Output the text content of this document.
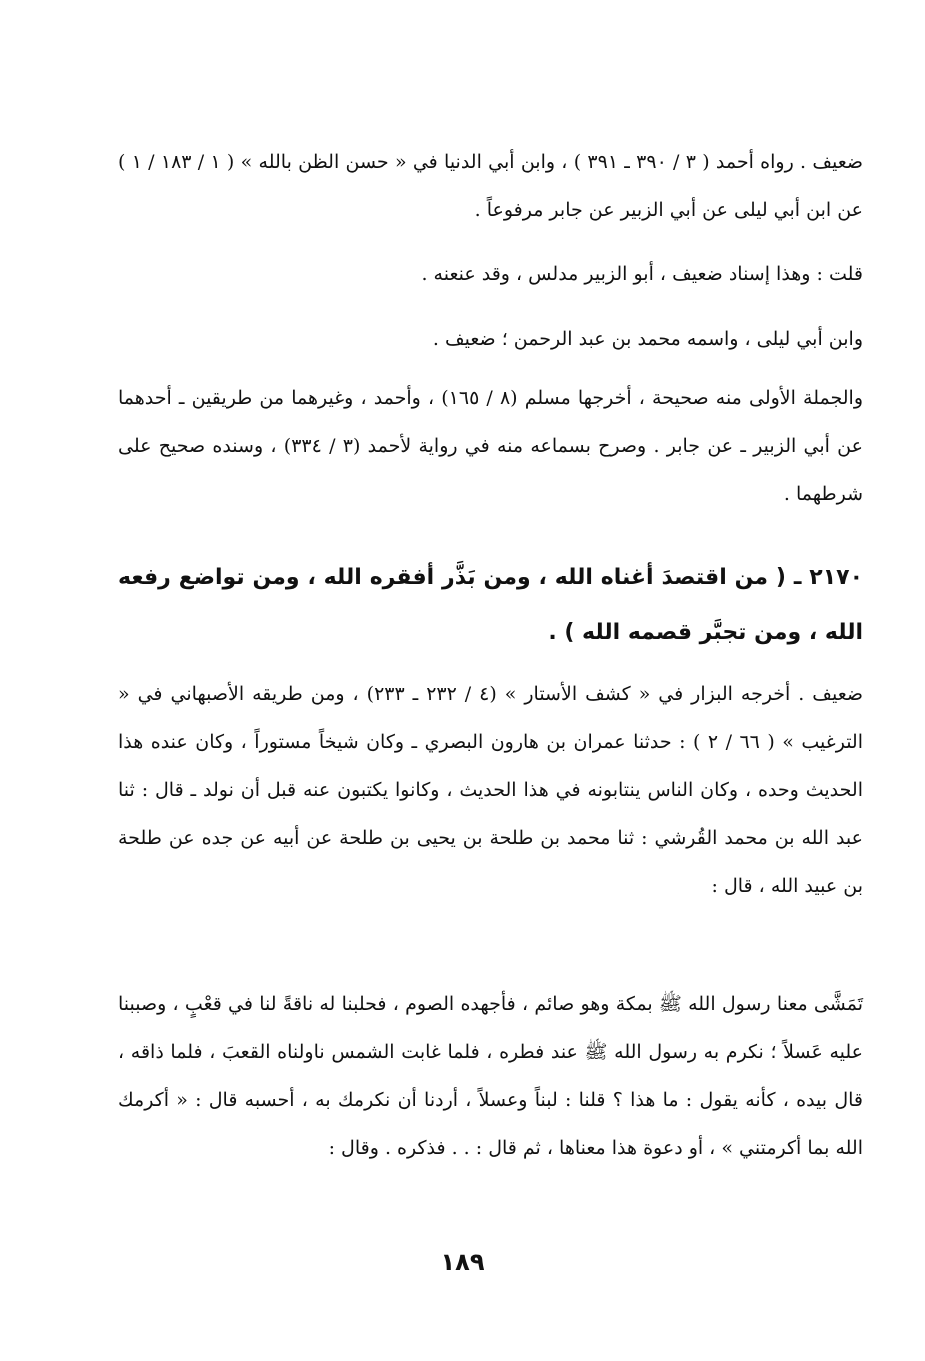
ضعيف . رواه أحمد ( ٣ / ٣٩٠ ـ ٣٩١ ) ، وابن أبي الدنيا في « حسن الظن بالله » ( ١ / ١٨٣ / ١ ) عن ابن أبي ليلى عن أبي الزبير عن جابر مرفوعاً .

قلت : وهذا إسناد ضعيف ، أبو الزبير مدلس ، وقد عنعنه .

وابن أبي ليلى ، واسمه محمد بن عبد الرحمن ؛ ضعيف .

والجملة الأولى منه صحيحة ، أخرجها مسلم (٨ / ١٦٥) ، وأحمد ، وغيرهما من طريقين ـ أحدهما عن أبي الزبير ـ عن جابر . وصرح بسماعه منه في رواية لأحمد (٣ / ٣٣٤) ، وسنده صحيح على شرطهما .

٢١٧٠ ـ ( من اقتصدَ أغناه الله ، ومن بَذَّر أفقره الله ، ومن تواضع رفعه الله ، ومن تجبَّر قصمه الله ) .

ضعيف . أخرجه البزار في « كشف الأستار » (٤ / ٢٣٢ ـ ٢٣٣) ، ومن طريقه الأصبهاني في « الترغيب » ( ٦٦ / ٢ ) : حدثنا عمران بن هارون البصري ـ وكان شيخاً مستوراً ، وكان عنده هذا الحديث وحده ، وكان الناس ينتابونه في هذا الحديث ، وكانوا يكتبون عنه قبل أن نولد ـ قال : ثنا عبد الله بن محمد القُرشي : ثنا محمد بن طلحة بن يحيى بن طلحة عن أبيه عن جده عن طلحة بن عبيد الله ، قال :

تَمَشَّى معنا رسول الله ﷺ بمكة وهو صائم ، فأجهده الصوم ، فحلبنا له ناقةً لنا في قعْبٍ ، وصببنا عليه عَسلاً ؛ نكرم به رسول الله ﷺ عند فطره ، فلما غابت الشمس ناولناه القعبَ ، فلما ذاقه ، قال بيده ، كأنه يقول : ما هذا ؟ قلنا : لبناً وعسلاً ، أردنا أن نكرمك به ، أحسبه قال : « أكرمك الله بما أكرمتني » ، أو دعوة هذا معناها ، ثم قال : . . فذكره . وقال :

١٨٩
